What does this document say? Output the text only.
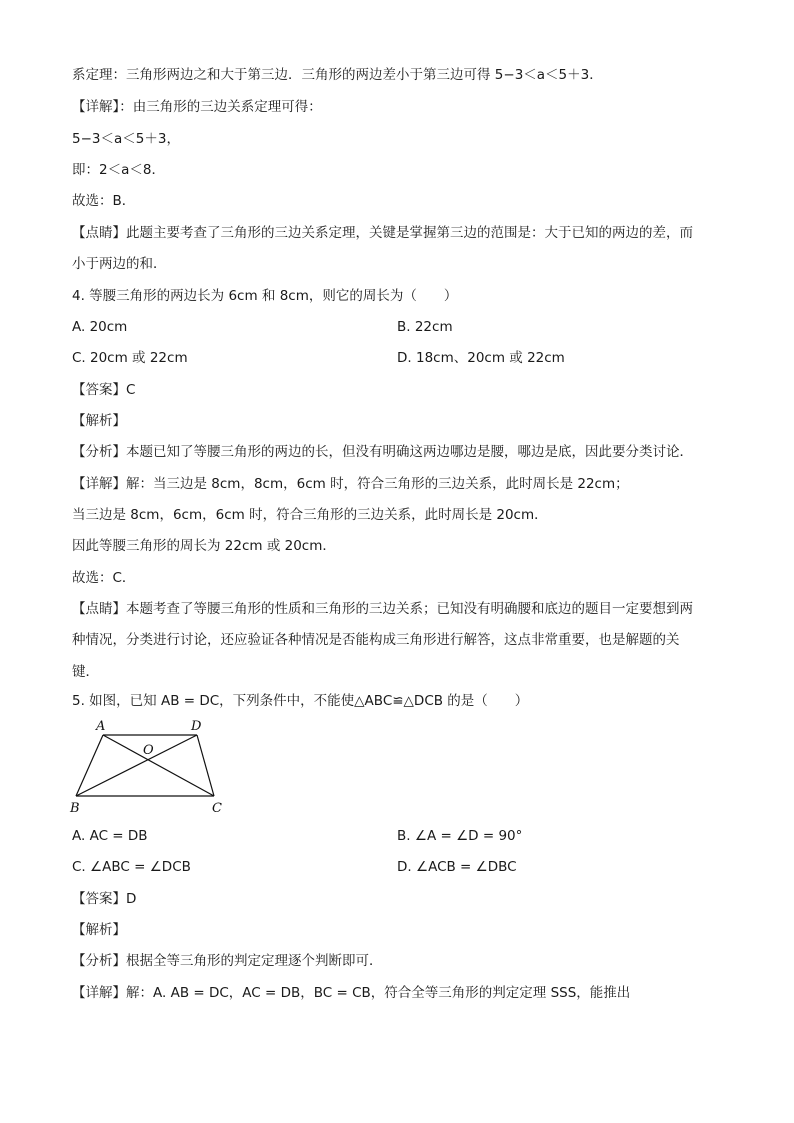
系定理：三角形两边之和大于第三边．三角形的两边差小于第三边可得 5−3＜a＜5＋3．
【详解】：由三角形的三边关系定理可得：
5−3＜a＜5＋3，
即：2＜a＜8．
故选：B．
【点睛】此题主要考查了三角形的三边关系定理，关键是掌握第三边的范围是：大于已知的两边的差，而
小于两边的和．
4. 等腰三角形的两边长为 6cm 和 8cm，则它的周长为（　　）
A. 20cm	B. 22cm
C. 20cm 或 22cm	D. 18cm、20cm 或 22cm
【答案】C
【解析】
【分析】本题已知了等腰三角形的两边的长，但没有明确这两边哪边是腰，哪边是底，因此要分类讨论．
【详解】解：当三边是 8cm，8cm，6cm 时，符合三角形的三边关系，此时周长是 22cm；
当三边是 8cm，6cm，6cm 时，符合三角形的三边关系，此时周长是 20cm．
因此等腰三角形的周长为 22cm 或 20cm．
故选：C．
【点睛】本题考查了等腰三角形的性质和三角形的三边关系；已知没有明确腰和底边的题目一定要想到两
种情况，分类进行讨论，还应验证各种情况是否能构成三角形进行解答，这点非常重要，也是解题的关
键．
5. 如图，已知 AB = DC，下列条件中，不能使△ABC≌△DCB 的是（　　）
A	D
O
B	C
A. AC = DB	B. ∠A = ∠D = 90°
C. ∠ABC = ∠DCB	D. ∠ACB = ∠DBC
【答案】D
【解析】
【分析】根据全等三角形的判定定理逐个判断即可．
【详解】解：A. AB = DC，AC = DB，BC = CB，符合全等三角形的判定定理 SSS，能推出
